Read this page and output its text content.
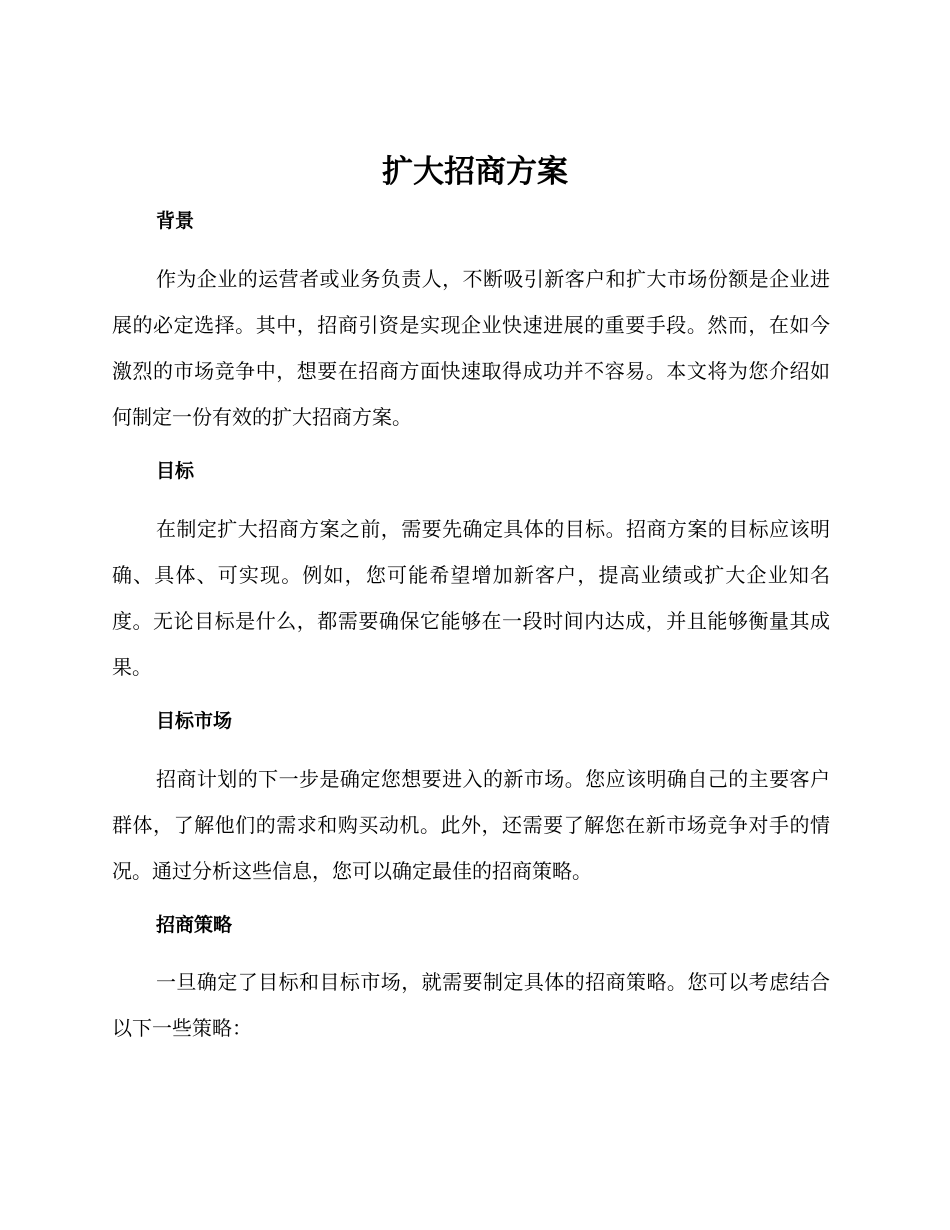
扩大招商方案
背景

作为企业的运营者或业务负责人，不断吸引新客户和扩大市场份额是企业进展的必定选择。其中，招商引资是实现企业快速进展的重要手段。然而，在如今激烈的市场竞争中，想要在招商方面快速取得成功并不容易。本文将为您介绍如何制定一份有效的扩大招商方案。

目标

在制定扩大招商方案之前，需要先确定具体的目标。招商方案的目标应该明确、具体、可实现。例如，您可能希望增加新客户，提高业绩或扩大企业知名度。无论目标是什么，都需要确保它能够在一段时间内达成，并且能够衡量其成果。

目标市场

招商计划的下一步是确定您想要进入的新市场。您应该明确自己的主要客户群体，了解他们的需求和购买动机。此外，还需要了解您在新市场竞争对手的情况。通过分析这些信息，您可以确定最佳的招商策略。

招商策略

一旦确定了目标和目标市场，就需要制定具体的招商策略。您可以考虑结合以下一些策略：
